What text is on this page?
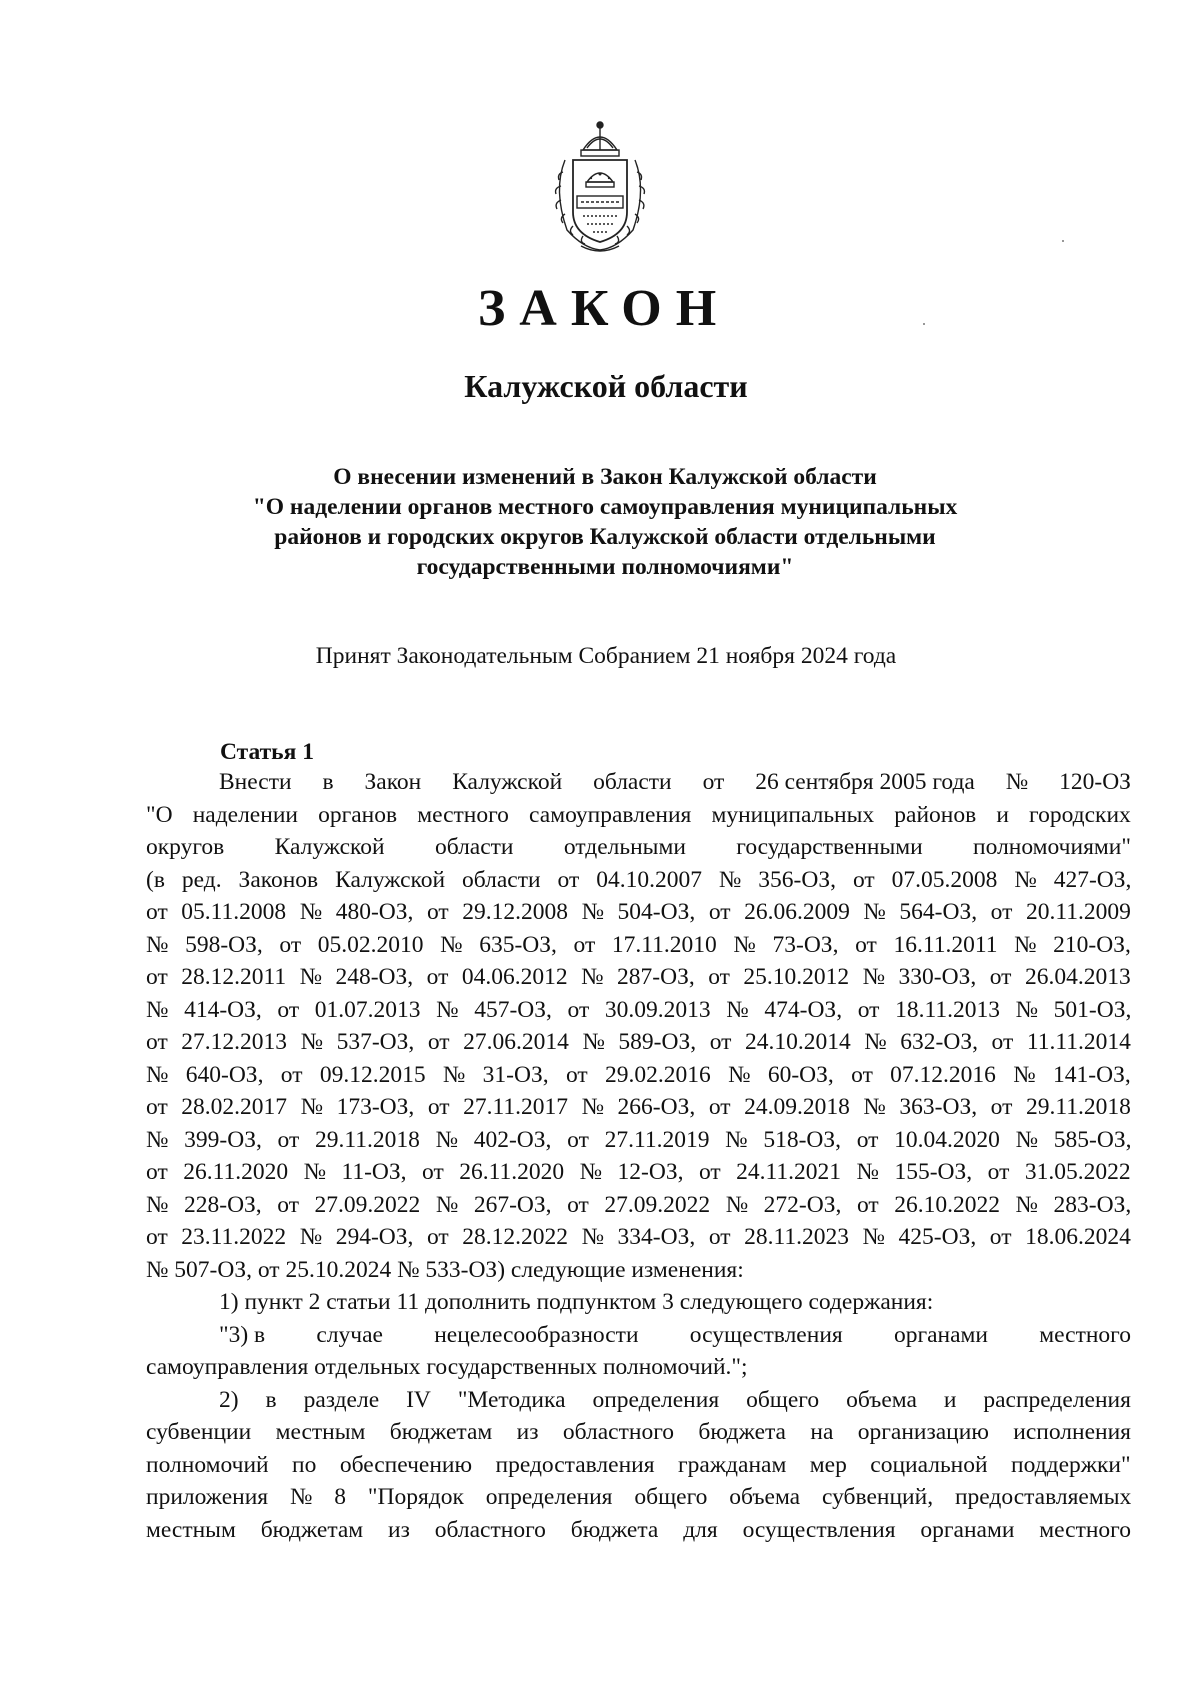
ЗАКОН
Калужской области
О внесении изменений в Закон Калужской области
"О наделении органов местного самоуправления муниципальных
районов и городских округов Калужской области отдельными
государственными полномочиями"
Принят Законодательным Собранием 21 ноября 2024 года
Статья 1
Внести в Закон Калужской области от 26 сентября 2005 года № 120-ОЗ
"О наделении органов местного самоуправления муниципальных районов и городских
округов Калужской области отдельными государственными полномочиями"
(в ред. Законов Калужской области от 04.10.2007 № 356-ОЗ, от 07.05.2008 № 427-ОЗ,
от 05.11.2008 № 480-ОЗ, от 29.12.2008 № 504-ОЗ, от 26.06.2009 № 564-ОЗ, от 20.11.2009
№ 598-ОЗ, от 05.02.2010 № 635-ОЗ, от 17.11.2010 № 73-ОЗ, от 16.11.2011 № 210-ОЗ,
от 28.12.2011 № 248-ОЗ, от 04.06.2012 № 287-ОЗ, от 25.10.2012 № 330-ОЗ, от 26.04.2013
№ 414-ОЗ, от 01.07.2013 № 457-ОЗ, от 30.09.2013 № 474-ОЗ, от 18.11.2013 № 501-ОЗ,
от 27.12.2013 № 537-ОЗ, от 27.06.2014 № 589-ОЗ, от 24.10.2014 № 632-ОЗ, от 11.11.2014
№ 640-ОЗ, от 09.12.2015 № 31-ОЗ, от 29.02.2016 № 60-ОЗ, от 07.12.2016 № 141-ОЗ,
от 28.02.2017 № 173-ОЗ, от 27.11.2017 № 266-ОЗ, от 24.09.2018 № 363-ОЗ, от 29.11.2018
№ 399-ОЗ, от 29.11.2018 № 402-ОЗ, от 27.11.2019 № 518-ОЗ, от 10.04.2020 № 585-ОЗ,
от 26.11.2020 № 11-ОЗ, от 26.11.2020 № 12-ОЗ, от 24.11.2021 № 155-ОЗ, от 31.05.2022
№ 228-ОЗ, от 27.09.2022 № 267-ОЗ, от 27.09.2022 № 272-ОЗ, от 26.10.2022 № 283-ОЗ,
от 23.11.2022 № 294-ОЗ, от 28.12.2022 № 334-ОЗ, от 28.11.2023 № 425-ОЗ, от 18.06.2024
№ 507-ОЗ, от 25.10.2024 № 533-ОЗ) следующие изменения:
1) пункт 2 статьи 11 дополнить подпунктом 3 следующего содержания:
"3) в случае нецелесообразности осуществления органами местного
самоуправления отдельных государственных полномочий.";
2) в разделе IV "Методика определения общего объема и распределения
субвенции местным бюджетам из областного бюджета на организацию исполнения
полномочий по обеспечению предоставления гражданам мер социальной поддержки"
приложения № 8 "Порядок определения общего объема субвенций, предоставляемых
местным бюджетам из областного бюджета для осуществления органами местного
